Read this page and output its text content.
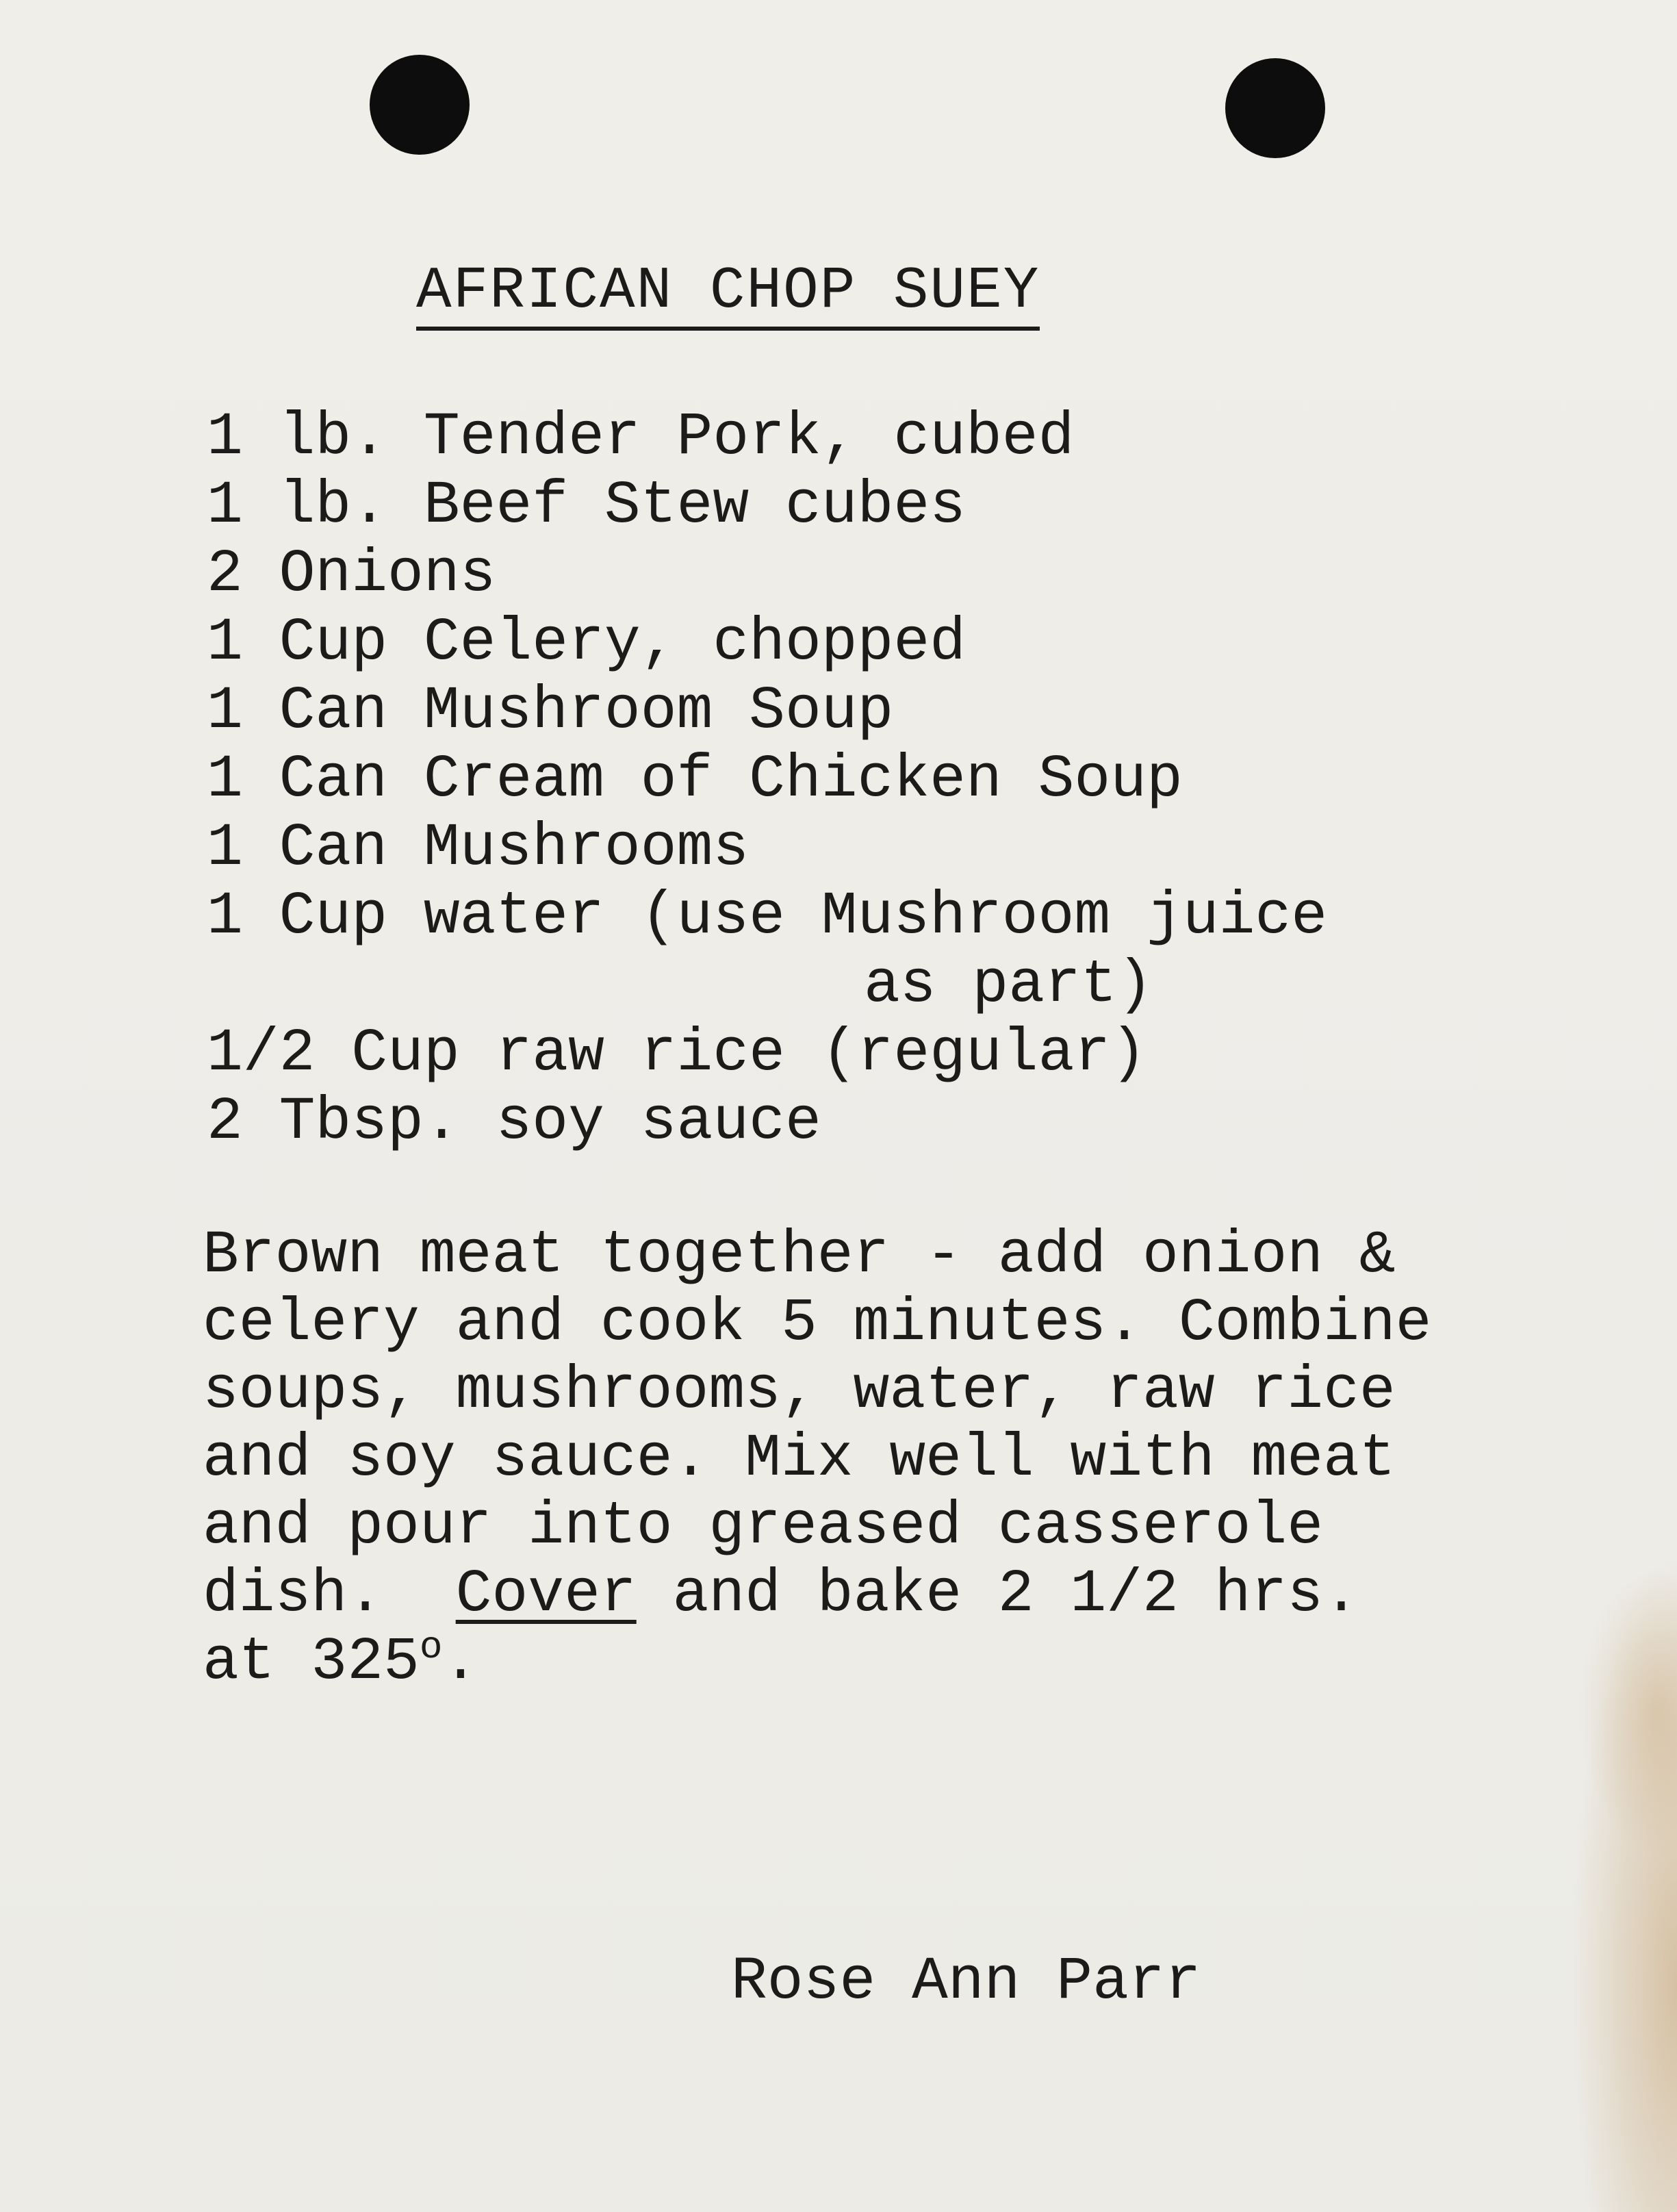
AFRICAN CHOP SUEY
1 lb. Tender Pork, cubed
1 lb. Beef Stew cubes
2 Onions
1 Cup Celery, chopped
1 Can Mushroom Soup
1 Can Cream of Chicken Soup
1 Can Mushrooms
1 Cup water (use Mushroom juice
as part)
1/2 Cup raw rice (regular)
2 Tbsp. soy sauce
Brown meat together - add onion &
celery and cook 5 minutes. Combine
soups, mushrooms, water, raw rice
and soy sauce. Mix well with meat
and pour into greased casserole
dish.  Cover and bake 2 1/2 hrs.
at 325$^o$.
Rose Ann Parr
